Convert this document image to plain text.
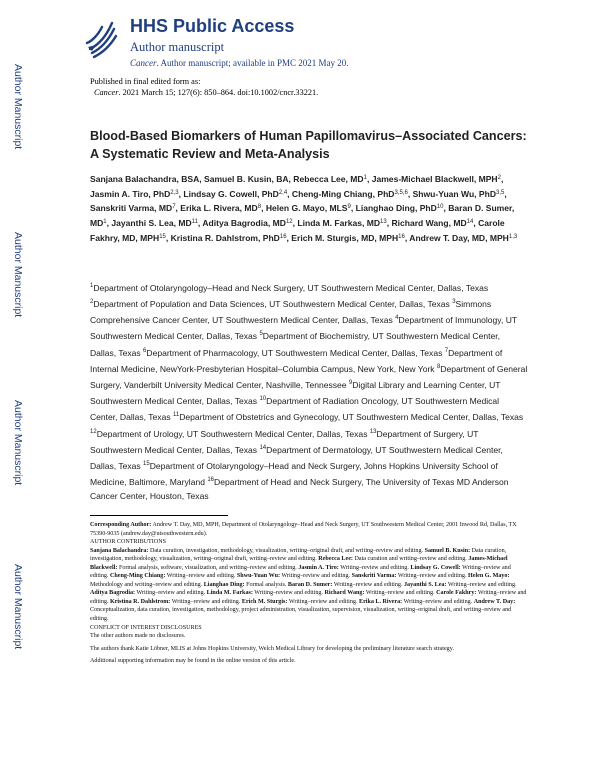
Author Manuscript
Author Manuscript
Author Manuscript
Author Manuscript
HHS Public Access
Author manuscript
Cancer. Author manuscript; available in PMC 2021 May 20.
Published in final edited form as:
Cancer. 2021 March 15; 127(6): 850–864. doi:10.1002/cncr.33221.
Blood-Based Biomarkers of Human Papillomavirus–Associated Cancers: A Systematic Review and Meta-Analysis
Sanjana Balachandra, BSA, Samuel B. Kusin, BA, Rebecca Lee, $MD^1$, James-Michael Blackwell, MPH$^2$, Jasmin A. Tiro, PhD$^{2,3}$, Lindsay G. Cowell, PhD$^{2,4}$, Cheng-Ming Chiang, PhD$^{3,5,6}$, Shwu-Yuan Wu, PhD$^{3,5}$, Sanskriti Varma, $MD^7$, Erika L. Rivera, $MD^8$, Helen G. Mayo, MLS$^9$, Lianghao Ding, PhD$^{10}$, Baran D. Sumer, $MD^1$, Jayanthi S. Lea, MD$^{11}$, Aditya Bagrodia, MD$^{12}$, Linda M. Farkas, MD$^{13}$, Richard Wang, MD$^{14}$, Carole Fakhry, MD, MPH$^{15}$, Kristina R. Dahlstrom, PhD$^{16}$, Erich M. Sturgis, MD, MPH$^{16}$, Andrew T. Day, MD, MPH$^{1,3}$
$^1$Department of Otolaryngology–Head and Neck Surgery, UT Southwestern Medical Center, Dallas, Texas $^2$Department of Population and Data Sciences, UT Southwestern Medical Center, Dallas, Texas $^3$Simmons Comprehensive Cancer Center, UT Southwestern Medical Center, Dallas, Texas $^4$Department of Immunology, UT Southwestern Medical Center, Dallas, Texas $^5$Department of Biochemistry, UT Southwestern Medical Center, Dallas, Texas $^6$Department of Pharmacology, UT Southwestern Medical Center, Dallas, Texas $^7$Department of Internal Medicine, NewYork-Presbyterian Hospital–Columbia Campus, New York, New York $^8$Department of General Surgery, Vanderbilt University Medical Center, Nashville, Tennessee $^9$Digital Library and Learning Center, UT Southwestern Medical Center, Dallas, Texas $^{10}$Department of Radiation Oncology, UT Southwestern Medical Center, Dallas, Texas $^{11}$Department of Obstetrics and Gynecology, UT Southwestern Medical Center, Dallas, Texas $^{12}$Department of Urology, UT Southwestern Medical Center, Dallas, Texas $^{13}$Department of Surgery, UT Southwestern Medical Center, Dallas, Texas $^{14}$Department of Dermatology, UT Southwestern Medical Center, Dallas, Texas $^{15}$Department of Otolaryngology–Head and Neck Surgery, Johns Hopkins University School of Medicine, Baltimore, Maryland $^{16}$Department of Head and Neck Surgery, The University of Texas MD Anderson Cancer Center, Houston, Texas

Corresponding Author: Andrew T. Day, MD, MPH, Department of Otolaryngology–Head and Neck Surgery, UT Southwestern Medical Center, 2001 Inwood Rd, Dallas, TX 75390-9035 (andrew.day@utsouthwestern.edu).

AUTHOR CONTRIBUTIONS

Sanjana Balachandra: Data curation, investigation, methodology, visualization, writing–original draft, and writing–review and editing. Samuel B. Kusin: Data curation, investigation, methodology, visualization, writing–original draft, writing–review and editing. Rebecca Lee: Data curation and writing–review and editing. James-Michael Blackwell: Formal analysis, software, visualization, and writing–review and editing. Jasmin A. Tiro: Writing–review and editing. Lindsay G. Cowell: Writing–review and editing. Cheng-Ming Chiang: Writing–review and editing. Shwu-Yuan Wu: Writing–review and editing. Sanskriti Varma: Writing–review and editing. Helen G. Mayo: Methodology and writing–review and editing. Lianghao Ding: Formal analysis. Baran D. Sumer: Writing–review and editing. Jayanthi S. Lea: Writing–review and editing. Aditya Bagrodia: Writing–review and editing. Linda M. Farkas: Writing–review and editing. Richard Wang: Writing–review and editing. Carole Fakhry: Writing–review and editing. Kristina R. Dahlstrom: Writing–review and editing. Erich M. Sturgis: Writing–review and editing. Erika L. Rivera: Writing–review and editing. Andrew T. Day: Conceptualization, data curation, investigation, methodology, project administration, visualization, supervision, visualization, writing–original draft, and writing–review and editing.

CONFLICT OF INTEREST DISCLOSURES

The other authors made no disclosures.

The authors thank Katie Löbner, MLIS at Johns Hopkins University, Welch Medical Library for developing the preliminary literature search strategy.

Additional supporting information may be found in the online version of this article.
